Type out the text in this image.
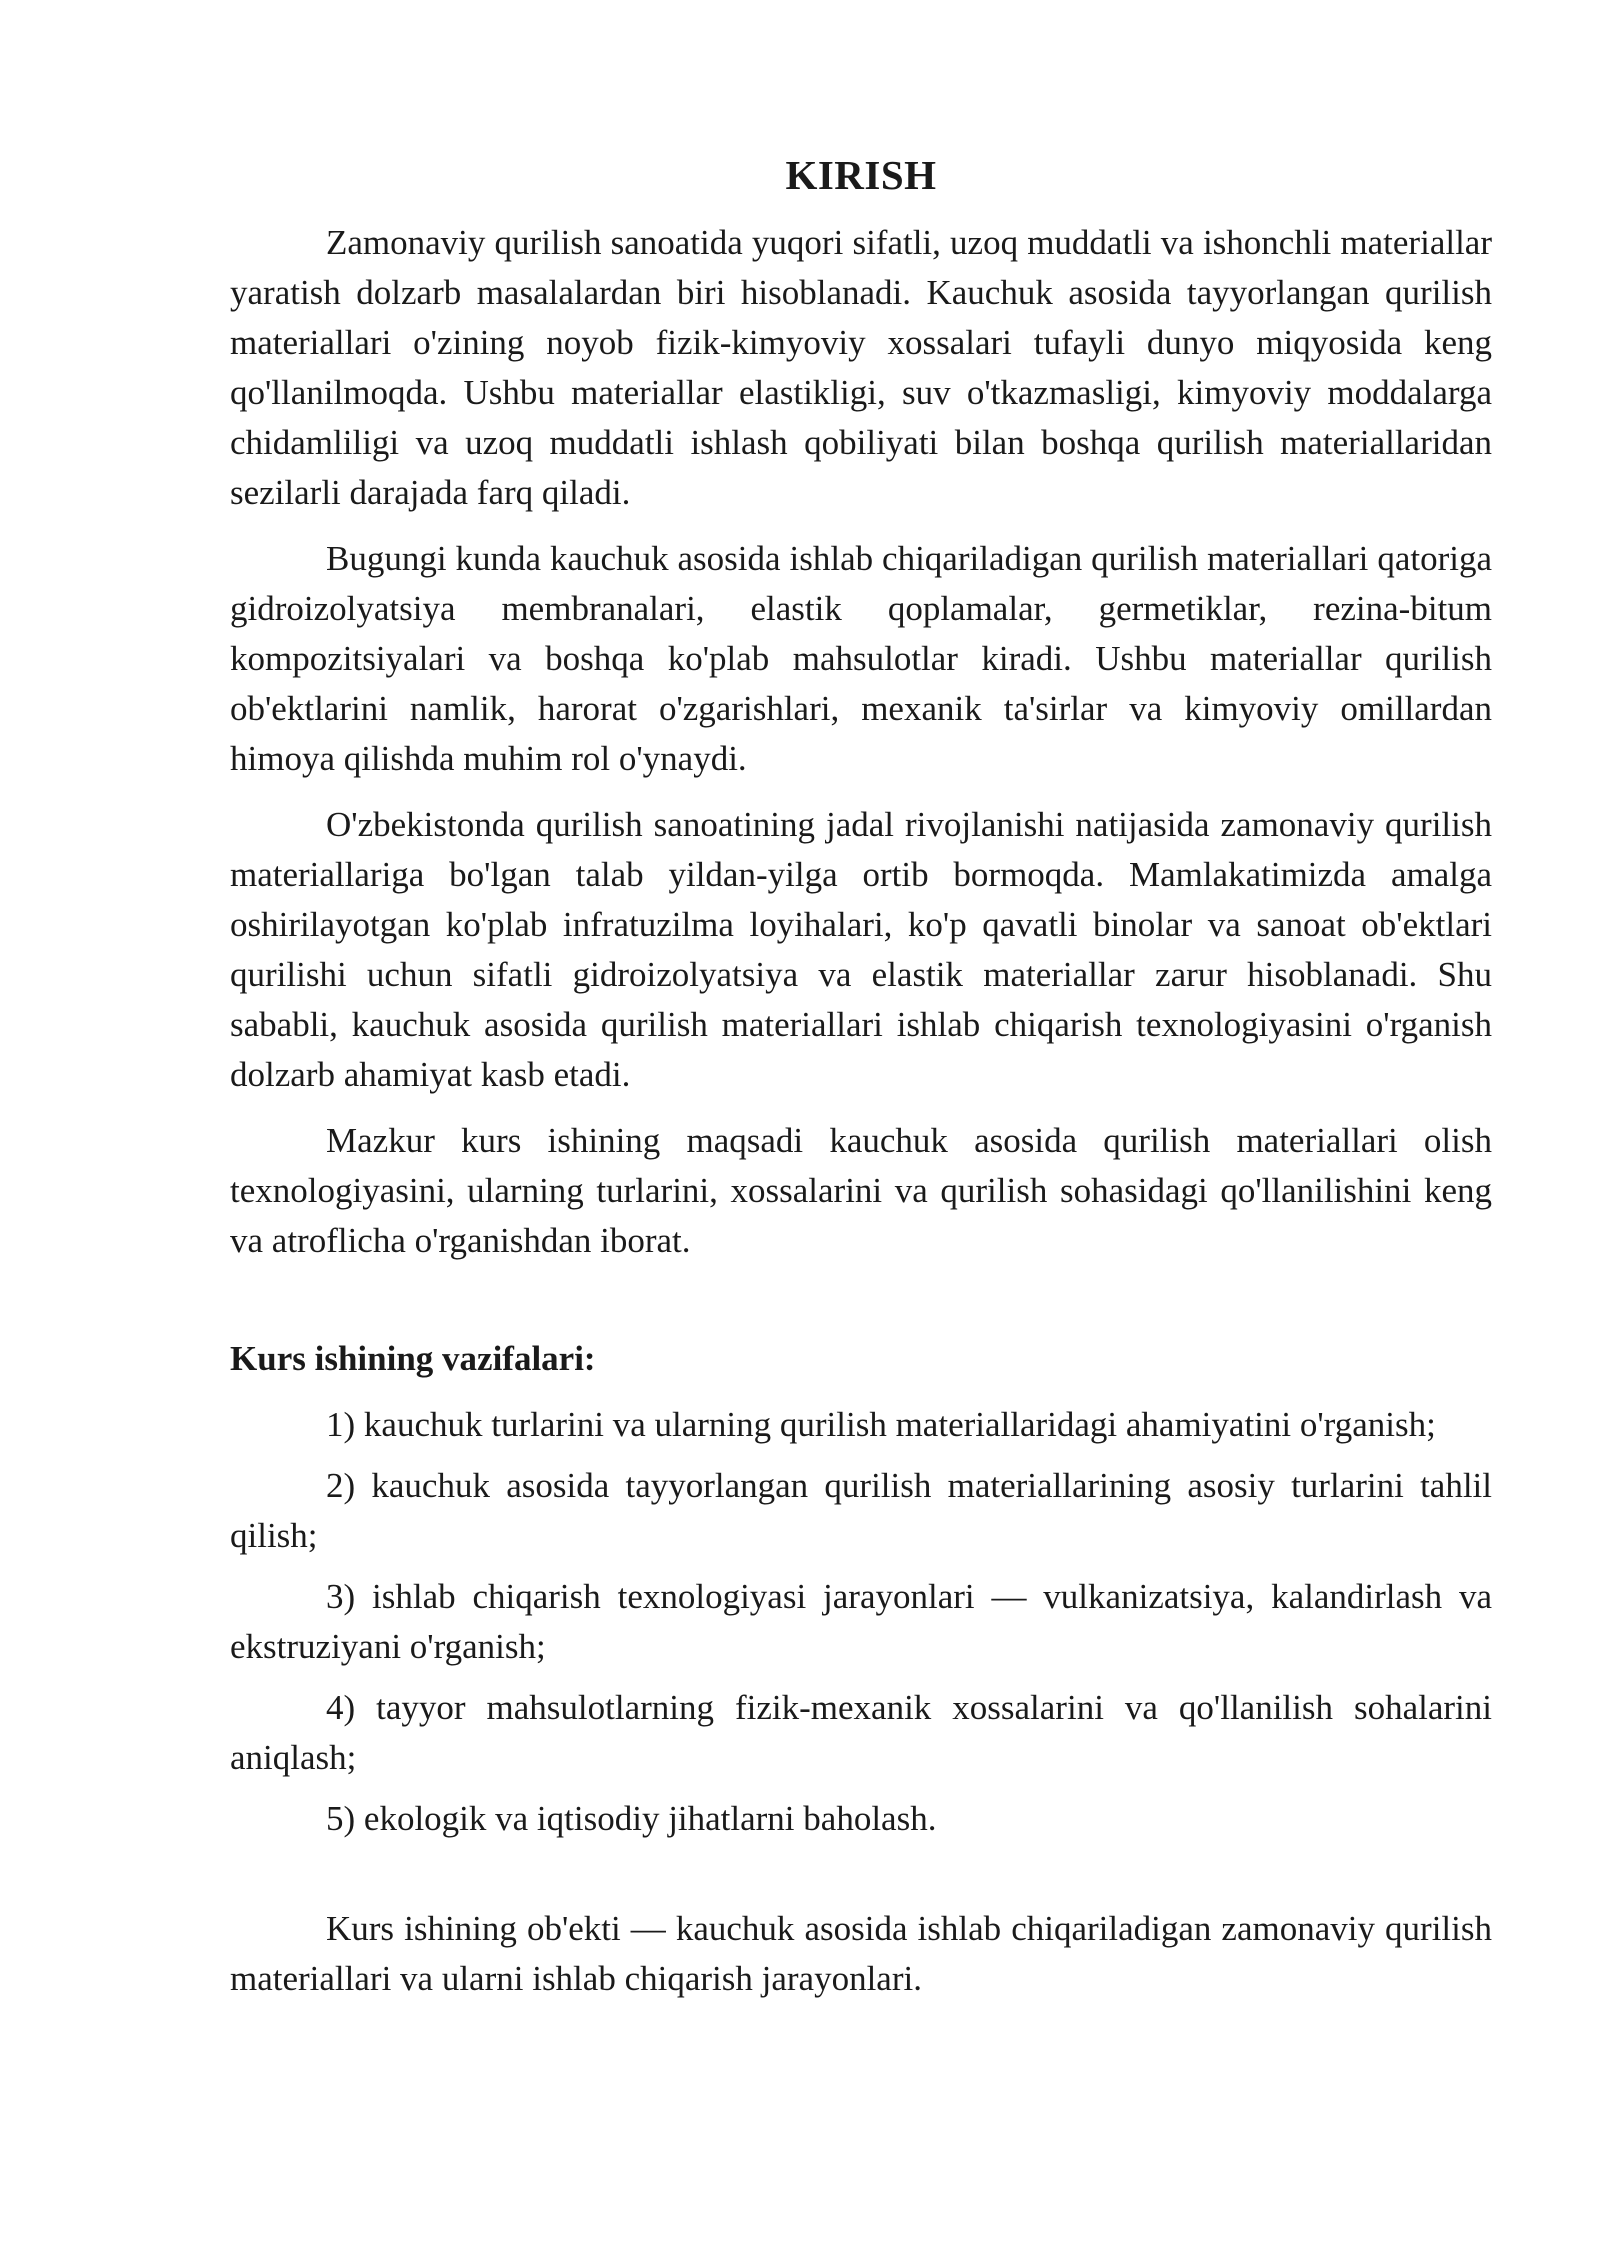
KIRISH

Zamonaviy qurilish sanoatida yuqori sifatli, uzoq muddatli va ishonchli materiallar yaratish dolzarb masalalardan biri hisoblanadi. Kauchuk asosida tayyorlangan qurilish materiallari o'zining noyob fizik-kimyoviy xossalari tufayli dunyo miqyosida keng qo'llanilmoqda. Ushbu materiallar elastikligi, suv o'tkazmasligi, kimyoviy moddalarga chidamliligi va uzoq muddatli ishlash qobiliyati bilan boshqa qurilish materiallaridan sezilarli darajada farq qiladi.

Bugungi kunda kauchuk asosida ishlab chiqariladigan qurilish materiallari qatoriga gidroizolyatsiya membranalari, elastik qoplamalar, germetiklar, rezina-bitum kompozitsiyalari va boshqa ko'plab mahsulotlar kiradi. Ushbu materiallar qurilish ob'ektlarini namlik, harorat o'zgarishlari, mexanik ta'sirlar va kimyoviy omillardan himoya qilishda muhim rol o'ynaydi.

O'zbekistonda qurilish sanoatining jadal rivojlanishi natijasida zamonaviy qurilish materiallariga bo'lgan talab yildan-yilga ortib bormoqda. Mamlakatimizda amalga oshirilayotgan ko'plab infratuzilma loyihalari, ko'p qavatli binolar va sanoat ob'ektlari qurilishi uchun sifatli gidroizolyatsiya va elastik materiallar zarur hisoblanadi. Shu sababli, kauchuk asosida qurilish materiallari ishlab chiqarish texnologiyasini o'rganish dolzarb ahamiyat kasb etadi.

Mazkur kurs ishining maqsadi kauchuk asosida qurilish materiallari olish texnologiyasini, ularning turlarini, xossalarini va qurilish sohasidagi qo'llanilishini keng va atroflicha o'rganishdan iborat.

Kurs ishining vazifalari:

1) kauchuk turlarini va ularning qurilish materiallaridagi ahamiyatini o'rganish;

2) kauchuk asosida tayyorlangan qurilish materiallarining asosiy turlarini tahlil qilish;

3) ishlab chiqarish texnologiyasi jarayonlari — vulkanizatsiya, kalandirlash va ekstruziyani o'rganish;

4) tayyor mahsulotlarning fizik-mexanik xossalarini va qo'llanilish sohalarini aniqlash;

5) ekologik va iqtisodiy jihatlarni baholash.

Kurs ishining ob'ekti — kauchuk asosida ishlab chiqariladigan zamonaviy qurilish materiallari va ularni ishlab chiqarish jarayonlari.
